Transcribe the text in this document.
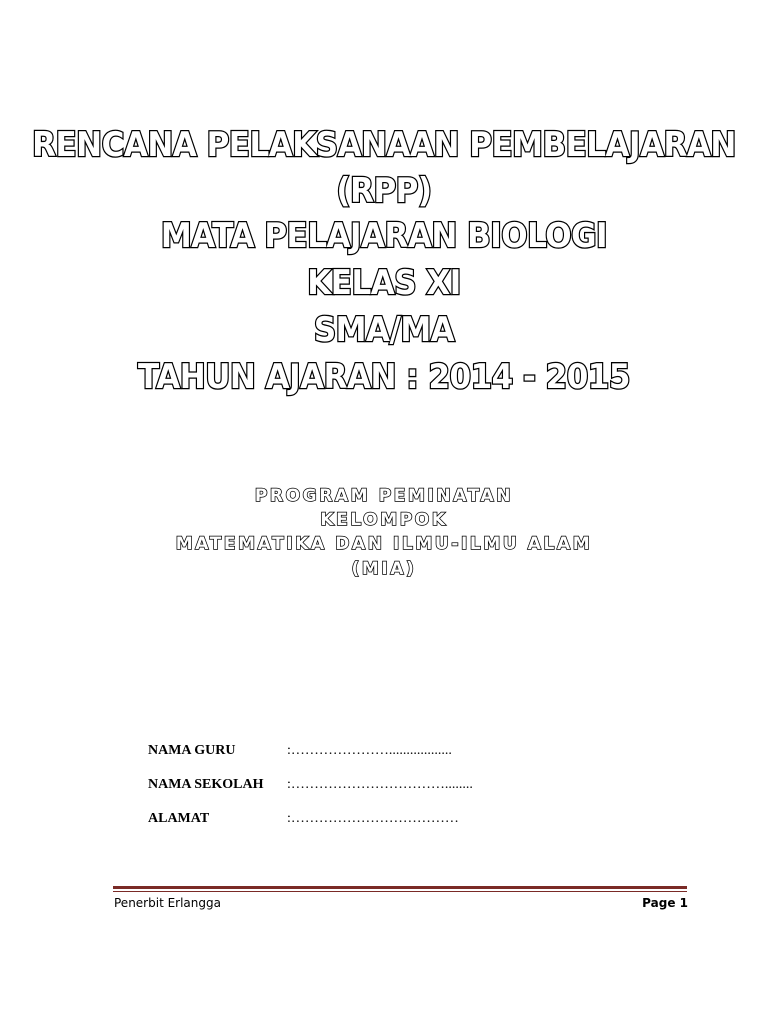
RENCANA PELAKSANAAN PEMBELAJARAN
(RPP)
MATA PELAJARAN BIOLOGI
KELAS XI
SMA/MA
TAHUN AJARAN : 2014 - 2015
PROGRAM PEMINATAN
KELOMPOK
MATEMATIKA DAN ILMU-ILMU ALAM
(MIA)
NAMA GURU	:…………………..................
NAMA SEKOLAH :……………………………........
ALAMAT	:………………………………
Penerbit Erlangga	Page 1
